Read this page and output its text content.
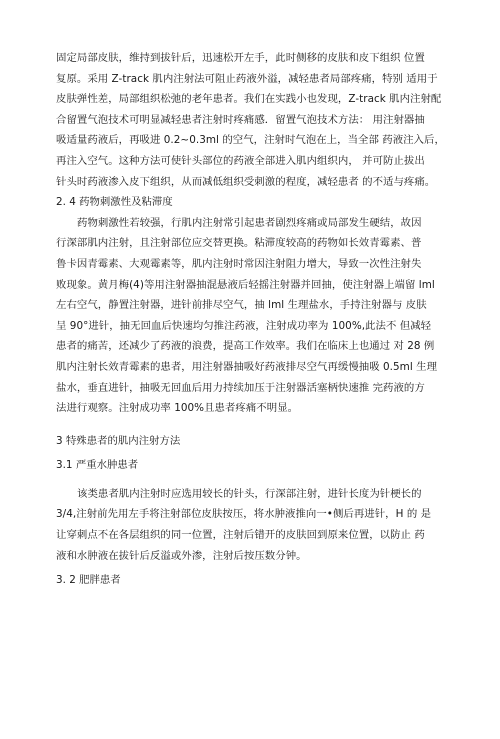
固定局部皮肤，维持到拔针后，迅速松开左手，此时侧移的皮肤和皮下组织 位置
复原。采用 Z-track 肌内注射法可阻止药液外溢，减轻患者局部疼痛，特别 适用于
皮肤弹性差，局部组织松弛的老年患者。我们在实践小也发现，Z-track 肌内注射配
合留置气泡技术可明显减轻患者注射时疼痛感．留置气泡技术方法： 用注射器抽
吸适量药液后，再吸进 0.2~0.3ml 的空气，注射时气泡在上，当全部 药液注入后，
再注入空气。这种方法可使针头部位的药液全部进入肌内组织内， 并可防止拔出
针头时药液渗入皮下组织，从而减低组织受刺激的程度，减轻患者 的不适与疼痛。
2. 4 药物刺激性及粘滞度
药物刺激性若较强，行肌内注射常引起患者剧烈疼痛或局部发生硬结，故因
行深部肌内注射，且注射部位应交替更换。粘滞度较高的药物如长效青霉素、普
鲁卡因青霉素、大观霉素等，肌内注射时常因注射阻力增大，导致一次性注射失
败现象。黄月梅(4)等用注射器抽混悬液后轻摇注射器并回抽，使注射器上端留 lml
左右空气，静置注射器，进针前排尽空气，抽 lml 生理盐水，手持注射器与 皮肤
呈 90°进针，抽无回血后快速均匀推注药液，注射成功率为 100%,此法不 但减轻
患者的痛苦，还减少了药液的浪费，提高工作效率。我们在临床上也通过 对 28 例
肌内注射长效青霉素的患者，用注射器抽吸好药液排尽空气再缓慢抽吸 0.5ml 生理
盐水，垂直进针，抽吸无回血后用力持续加压于注射器活塞柄快速推 完药液的方
法进行观察。注射成功率 100%且患者疼痛不明显。
3 特殊患者的肌内注射方法
3.1 严重水肿患者
该类患者肌内注射时应选用较长的针头，行深部注射，进针长度为针梗长的
3/4,注射前先用左手将注射部位皮肤按压，将水肿液推向一•侧后再进针，H 的 是
让穿刺点不在各层组织的同一位置，注射后错开的皮肤回到原来位置，以防止 药
液和水肿液在拔针后反溢或外渗，注射后按压数分钟。
3. 2 肥胖患者
